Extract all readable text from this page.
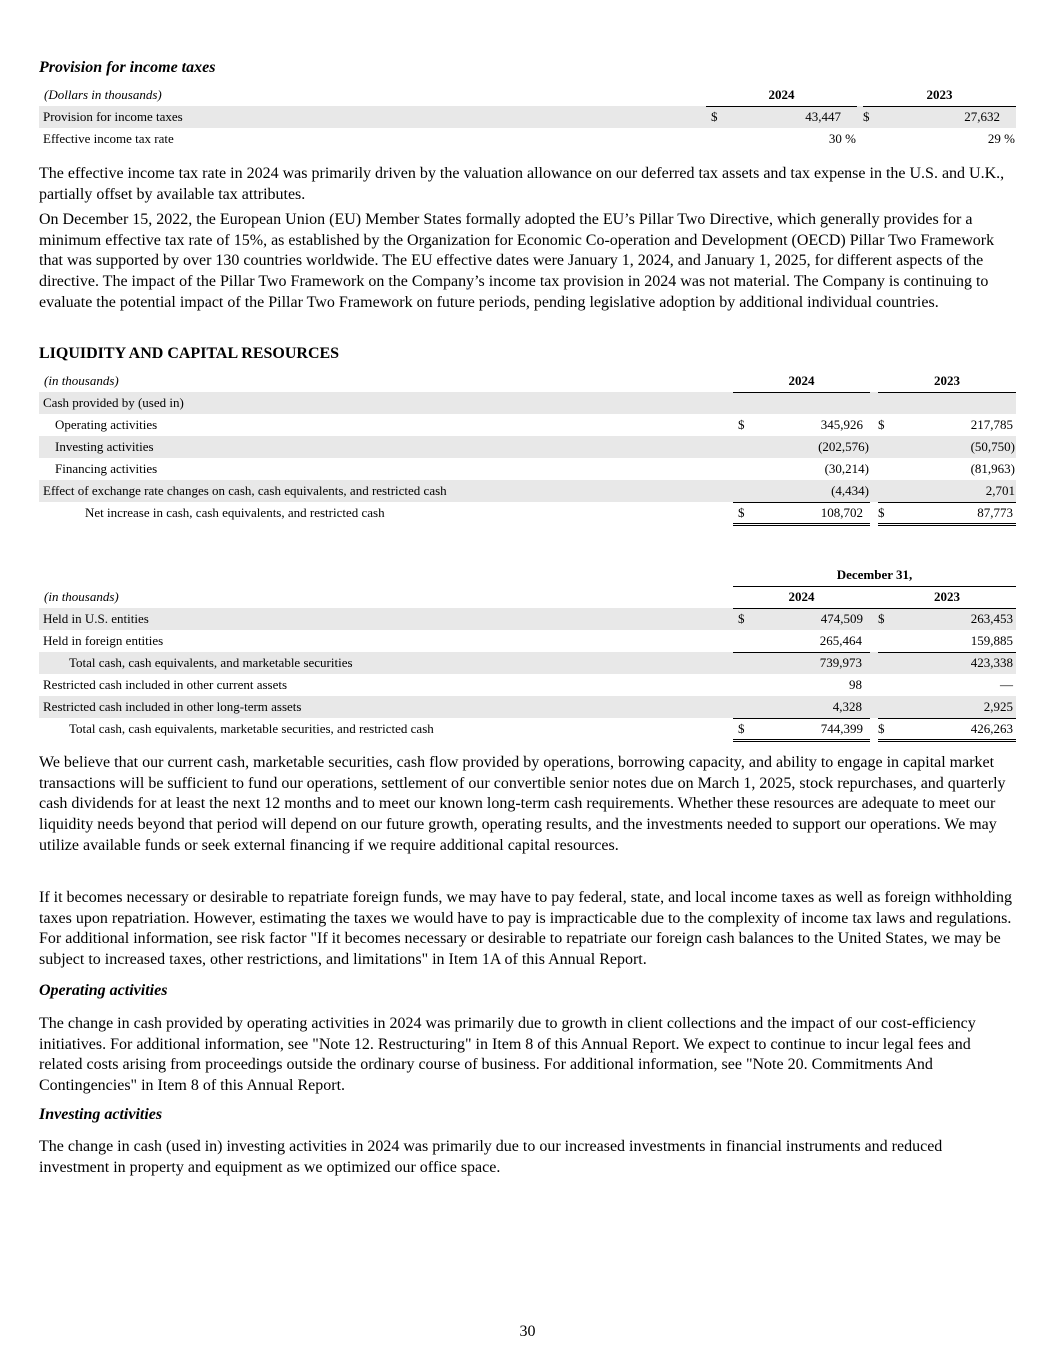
Provision for income taxes
(Dollars in thousands)	2024		2023
Provision for income taxes	$ 43,447		$ 27,632

Effective income tax rate	30 %		29 %

The effective income tax rate in 2024 was primarily driven by the valuation allowance on our deferred tax assets and tax expense in the U.S. and U.K., partially offset by available tax attributes.

On December 15, 2022, the European Union (EU) Member States formally adopted the EU’s Pillar Two Directive, which generally provides for a minimum effective tax rate of 15%, as established by the Organization for Economic Co-operation and Development (OECD) Pillar Two Framework that was supported by over 130 countries worldwide. The EU effective dates were January 1, 2024, and January 1, 2025, for different aspects of the directive. The impact of the Pillar Two Framework on the Company’s income tax provision in 2024 was not material. The Company is continuing to evaluate the potential impact of the Pillar Two Framework on future periods, pending legislative adoption by additional individual countries.

LIQUIDITY AND CAPITAL RESOURCES
(in thousands)	2024		2023
Cash provided by (used in)			
Operating activities	$ 345,926		$ 217,785

Investing activities	(202,576)		(50,750)
Financing activities	(30,214)		(81,963)
Effect of exchange rate changes on cash, cash equivalents, and restricted cash	(4,434)		2,701
Net increase in cash, cash equivalents, and restricted cash	$ 108,702		$ 87,773
	December 31,		
(in thousands)	2024		2023
Held in U.S. entities	$ 474,509		$ 263,453

Held in foreign entities	265,464		159,885
Total cash, cash equivalents, and marketable securities	739,973		423,338
Restricted cash included in other current assets	98		—
Restricted cash included in other long-term assets	4,328		2,925
Total cash, cash equivalents, marketable securities, and restricted cash	$ 744,399		$ 426,263

We believe that our current cash, marketable securities, cash flow provided by operations, borrowing capacity, and ability to engage in capital market transactions will be sufficient to fund our operations, settlement of our convertible senior notes due on March 1, 2025, stock repurchases, and quarterly cash dividends for at least the next 12 months and to meet our known long-term cash requirements. Whether these resources are adequate to meet our liquidity needs beyond that period will depend on our future growth, operating results, and the investments needed to support our operations. We may utilize available funds or seek external financing if we require additional capital resources.

If it becomes necessary or desirable to repatriate foreign funds, we may have to pay federal, state, and local income taxes as well as foreign withholding taxes upon repatriation. However, estimating the taxes we would have to pay is impracticable due to the complexity of income tax laws and regulations. For additional information, see risk factor "If it becomes necessary or desirable to repatriate our foreign cash balances to the United States, we may be subject to increased taxes, other restrictions, and limitations" in Item 1A of this Annual Report.

Operating activities

The change in cash provided by operating activities in 2024 was primarily due to growth in client collections and the impact of our cost-efficiency initiatives. For additional information, see "Note 12. Restructuring" in Item 8 of this Annual Report. We expect to continue to incur legal fees and related costs arising from proceedings outside the ordinary course of business. For additional information, see "Note 20. Commitments And Contingencies" in Item 8 of this Annual Report.

Investing activities

The change in cash (used in) investing activities in 2024 was primarily due to our increased investments in financial instruments and reduced investment in property and equipment as we optimized our office space.

30
